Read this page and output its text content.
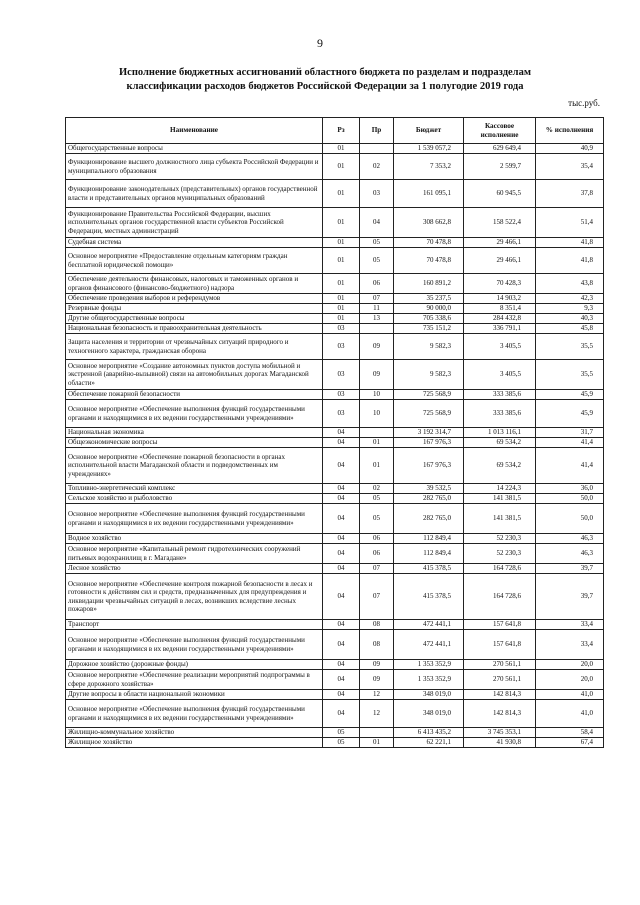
9
Исполнение бюджетных ассигнований областного бюджета по разделам и подразделам классификации расходов бюджетов Российской Федерации за 1 полугодие 2019 года
тыс.руб.
Наименование	Рз	Пр	Бюджет	Кассовое исполнение	% исполнения
Общегосударственные вопросы	01		1 539 057,2	629 649,4	40,9
Функционирование высшего должностного лица субъекта Российской Федерации и муниципального образования	01	02	7 353,2	2 599,7	35,4
Функционирование законодательных (представительных) органов государственной власти и представительных органов муниципальных образований	01	03	161 095,1	60 945,5	37,8
Функционирование Правительства Российской Федерации, высших исполнительных органов государственной власти субъектов Российской Федерации, местных администраций	01	04	308 662,8	158 522,4	51,4
Судебная система	01	05	70 478,8	29 466,1	41,8
Основное мероприятие «Предоставление отдельным категориям граждан бесплатной юридической помощи»	01	05	70 478,8	29 466,1	41,8
Обеспечение деятельности финансовых, налоговых и таможенных органов и органов финансового (финансово-бюджетного) надзора	01	06	160 891,2	70 428,3	43,8
Обеспечение проведения выборов и референдумов	01	07	35 237,5	14 903,2	42,3
Резервные фонды	01	11	90 000,0	8 351,4	9,3
Другие общегосударственные вопросы	01	13	705 338,6	284 432,8	40,3
Национальная безопасность и правоохранительная деятельность	03		735 151,2	336 791,1	45,8
Защита населения и территории от чрезвычайных ситуаций природного и техногенного характера, гражданская оборона	03	09	9 582,3	3 405,5	35,5
Основное мероприятие «Создание автономных пунктов доступа мобильной и экстренной (аварийно-вызывной) связи на автомобильных дорогах Магаданской области»	03	09	9 582,3	3 405,5	35,5
Обеспечение пожарной безопасности	03	10	725 568,9	333 385,6	45,9
Основное мероприятие «Обеспечение выполнения функций государственными органами и находящимися в их ведении государственными учреждениями»	03	10	725 568,9	333 385,6	45,9
Национальная экономика	04		3 192 314,7	1 013 116,1	31,7
Общеэкономические вопросы	04	01	167 976,3	69 534,2	41,4
Основное мероприятие «Обеспечение пожарной безопасности в органах исполнительной власти Магаданской области и подведомственных им учреждениях»	04	01	167 976,3	69 534,2	41,4
Топливно-энергетический комплекс	04	02	39 532,5	14 224,3	36,0
Сельское хозяйство и рыболовство	04	05	282 765,0	141 381,5	50,0
Основное мероприятие «Обеспечение выполнения функций государственными органами и находящимися в их ведении государственными учреждениями»	04	05	282 765,0	141 381,5	50,0
Водное хозяйство	04	06	112 849,4	52 230,3	46,3
Основное мероприятие «Капитальный ремонт гидротехнических сооружений питьевых водохранилищ в г. Магадане»	04	06	112 849,4	52 230,3	46,3
Лесное хозяйство	04	07	415 378,5	164 728,6	39,7
Основное мероприятие «Обеспечение контроля пожарной безопасности в лесах и готовности к действиям сил и средств, предназначенных для предупреждения и ликвидации чрезвычайных ситуаций в лесах, возникших вследствие лесных пожаров»	04	07	415 378,5	164 728,6	39,7
Транспорт	04	08	472 441,1	157 641,8	33,4
Основное мероприятие «Обеспечение выполнения функций государственными органами и находящимися в их ведении государственными учреждениями»	04	08	472 441,1	157 641,8	33,4
Дорожное хозяйство (дорожные фонды)	04	09	1 353 352,9	270 561,1	20,0
Основное мероприятие «Обеспечение реализации мероприятий подпрограммы в сфере дорожного хозяйства»	04	09	1 353 352,9	270 561,1	20,0
Другие вопросы в области национальной экономики	04	12	348 019,0	142 814,3	41,0
Основное мероприятие «Обеспечение выполнения функций государственными органами и находящимися в их ведении государственными учреждениями»	04	12	348 019,0	142 814,3	41,0
Жилищно-коммунальное хозяйство	05		6 413 435,2	3 745 353,1	58,4
Жилищное хозяйство	05	01	62 221,1	41 930,8	67,4
